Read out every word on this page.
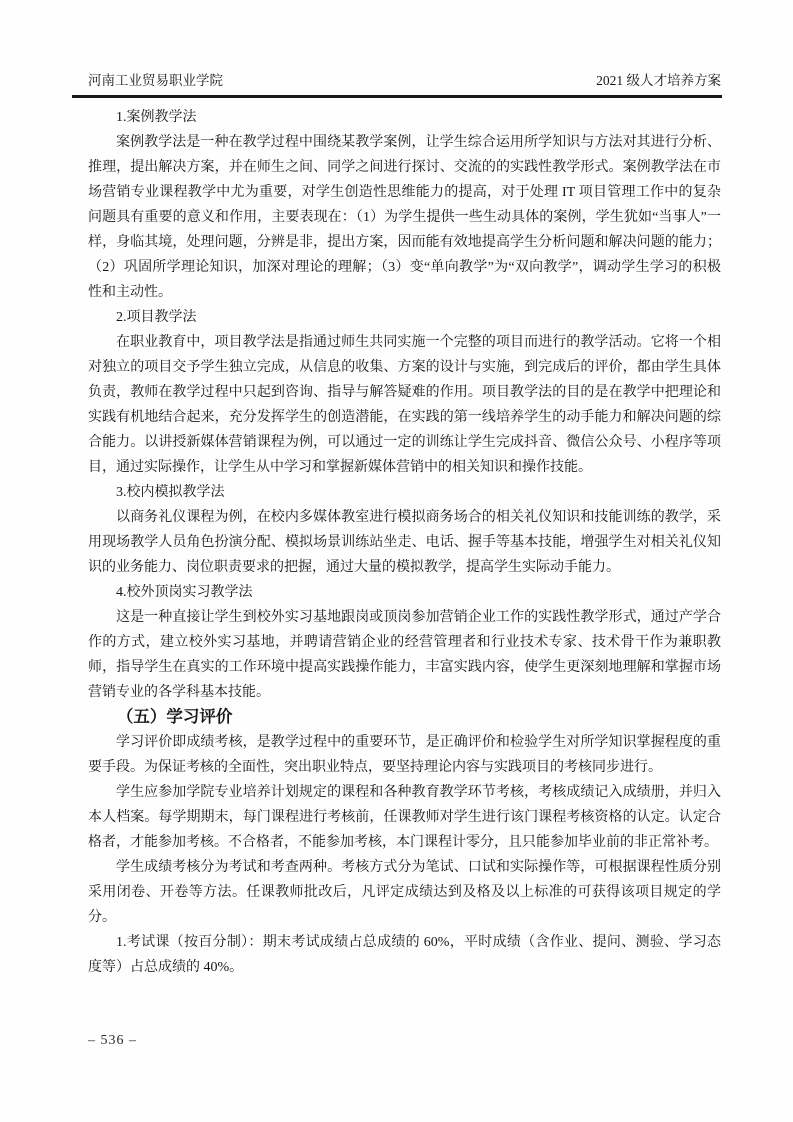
河南工业贸易职业学院	2021 级人才培养方案

1.案例教学法

案例教学法是一种在教学过程中围绕某教学案例，让学生综合运用所学知识与方法对其进行分析、推理，提出解决方案，并在师生之间、同学之间进行探讨、交流的的实践性教学形式。案例教学法在市场营销专业课程教学中尤为重要，对学生创造性思维能力的提高，对于处理 IT 项目管理工作中的复杂问题具有重要的意义和作用，主要表现在：（1）为学生提供一些生动具体的案例，学生犹如“当事人”一样，身临其境，处理问题，分辨是非，提出方案，因而能有效地提高学生分析问题和解决问题的能力；（2）巩固所学理论知识，加深对理论的理解；（3）变“单向教学”为“双向教学”，调动学生学习的积极性和主动性。

2.项目教学法

在职业教育中，项目教学法是指通过师生共同实施一个完整的项目而进行的教学活动。它将一个相对独立的项目交予学生独立完成，从信息的收集、方案的设计与实施，到完成后的评价，都由学生具体负责，教师在教学过程中只起到咨询、指导与解答疑难的作用。项目教学法的目的是在教学中把理论和实践有机地结合起来，充分发挥学生的创造潜能，在实践的第一线培养学生的动手能力和解决问题的综合能力。以讲授新媒体营销课程为例，可以通过一定的训练让学生完成抖音、微信公众号、小程序等项目，通过实际操作，让学生从中学习和掌握新媒体营销中的相关知识和操作技能。

3.校内模拟教学法

以商务礼仪课程为例，在校内多媒体教室进行模拟商务场合的相关礼仪知识和技能训练的教学，采用现场教学人员角色扮演分配、模拟场景训练站坐走、电话、握手等基本技能，增强学生对相关礼仪知识的业务能力、岗位职责要求的把握，通过大量的模拟教学，提高学生实际动手能力。

4.校外顶岗实习教学法

这是一种直接让学生到校外实习基地跟岗或顶岗参加营销企业工作的实践性教学形式，通过产学合作的方式，建立校外实习基地，并聘请营销企业的经营管理者和行业技术专家、技术骨干作为兼职教师，指导学生在真实的工作环境中提高实践操作能力，丰富实践内容，使学生更深刻地理解和掌握市场营销专业的各学科基本技能。

（五）学习评价

学习评价即成绩考核，是教学过程中的重要环节，是正确评价和检验学生对所学知识掌握程度的重要手段。为保证考核的全面性，突出职业特点，要坚持理论内容与实践项目的考核同步进行。

学生应参加学院专业培养计划规定的课程和各种教育教学环节考核，考核成绩记入成绩册，并归入本人档案。每学期期末，每门课程进行考核前，任课教师对学生进行该门课程考核资格的认定。认定合格者，才能参加考核。不合格者，不能参加考核，本门课程计零分，且只能参加毕业前的非正常补考。

学生成绩考核分为考试和考查两种。考核方式分为笔试、口试和实际操作等，可根据课程性质分别采用闭卷、开卷等方法。任课教师批改后，凡评定成绩达到及格及以上标准的可获得该项目规定的学分。

1.考试课（按百分制）：期末考试成绩占总成绩的 60%，平时成绩（含作业、提问、测验、学习态度等）占总成绩的 40%。

– 536 –
